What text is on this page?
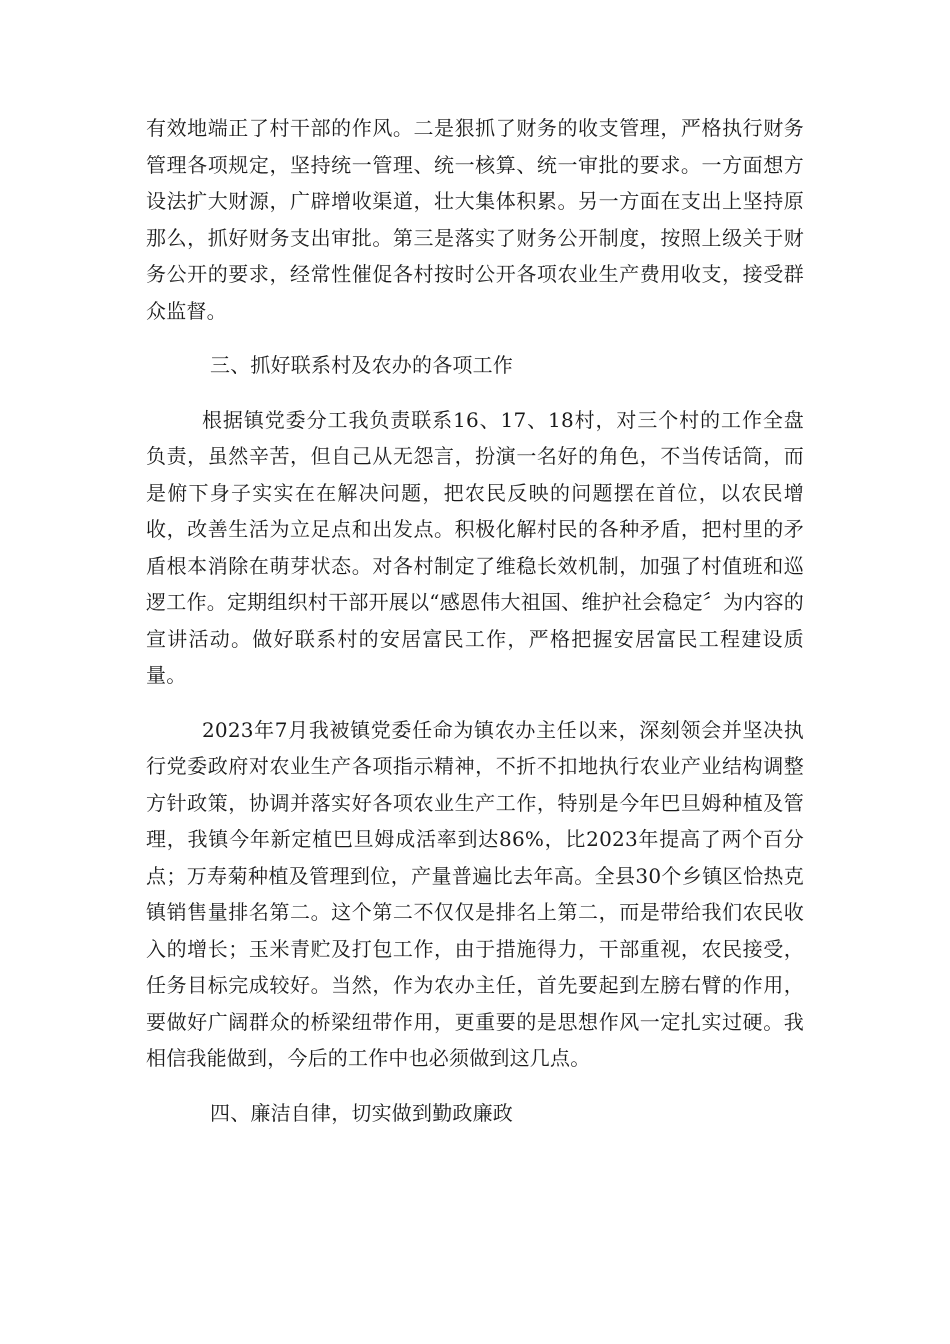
有效地端正了村干部的作风。二是狠抓了财务的收支管理，严格执行财务管理各项规定，坚持统一管理、统一核算、统一审批的要求。一方面想方设法扩大财源，广辟增收渠道，壮大集体积累。另一方面在支出上坚持原那么，抓好财务支出审批。第三是落实了财务公开制度，按照上级关于财务公开的要求，经常性催促各村按时公开各项农业生产费用收支，接受群众监督。

三、抓好联系村及农办的各项工作

根据镇党委分工我负责联系16、17、18村，对三个村的工作全盘负责，虽然辛苦，但自己从无怨言，扮演一名好的角色，不当传话筒，而是俯下身子实实在在解决问题，把农民反映的问题摆在首位，以农民增收，改善生活为立足点和出发点。积极化解村民的各种矛盾，把村里的矛盾根本消除在萌芽状态。对各村制定了维稳长效机制，加强了村值班和巡逻工作。定期组织村干部开展以“感恩伟大祖国、维护社会稳定〞为内容的宣讲活动。做好联系村的安居富民工作，严格把握安居富民工程建设质量。

2023年7月我被镇党委任命为镇农办主任以来，深刻领会并坚决执行党委政府对农业生产各项指示精神，不折不扣地执行农业产业结构调整方针政策，协调并落实好各项农业生产工作，特别是今年巴旦姆种植及管理，我镇今年新定植巴旦姆成活率到达86%，比2023年提高了两个百分点；万寿菊种植及管理到位，产量普遍比去年高。全县30个乡镇区恰热克镇销售量排名第二。这个第二不仅仅是排名上第二，而是带给我们农民收入的增长；玉米青贮及打包工作，由于措施得力，干部重视，农民接受，任务目标完成较好。当然，作为农办主任，首先要起到左膀右臂的作用，要做好广阔群众的桥梁纽带作用，更重要的是思想作风一定扎实过硬。我相信我能做到，今后的工作中也必须做到这几点。

四、廉洁自律，切实做到勤政廉政
